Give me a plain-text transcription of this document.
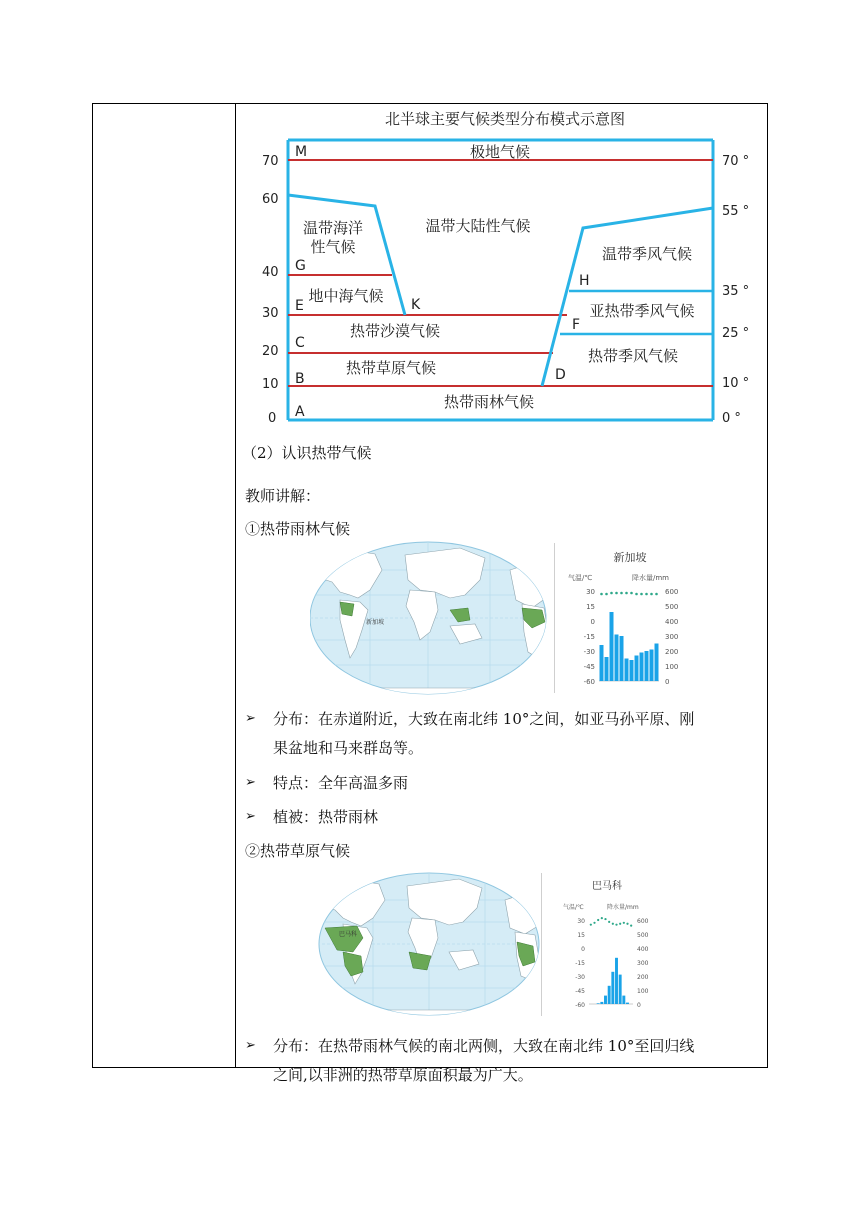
北半球主要气候类型分布模式示意图
70
60
40
30
20
10
0
70 °
55 °
35 °
25 °
10 °
0 °
M
G
E	K
C
B
A
H
F
D
极地气候
温带海洋
性气候
温带大陆性气候
地中海气候
热带沙漠气候
热带草原气候
热带雨林气候
温带季风气候
亚热带季风气候
热带季风气候
（2）认识热带气候
教师讲解：
①热带雨林气候
新加坡
新加坡
气温/℃	降水量/mm
30
15
0
-15
-30
-45
-60
600
500
400
300
200
100
0
➢ 分布：在赤道附近，大致在南北纬 10°之间，如亚马孙平原、刚
果盆地和马来群岛等。
➢ 特点：全年高温多雨
➢ 植被：热带雨林
②热带草原气候
巴马科
巴马科
气温/℃	降水量/mm
30
15
0
-15
-30
-45
-60
600
500
400
300
200
100
0
➢ 分布：在热带雨林气候的南北两侧，大致在南北纬 10°至回归线
之间,以非洲的热带草原面积最为广大。
